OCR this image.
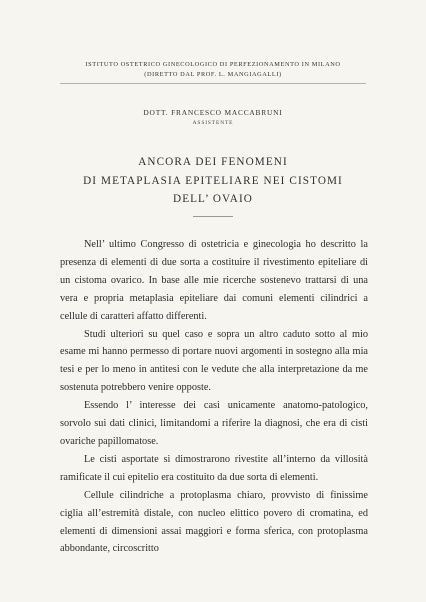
ISTITUTO OSTETRICO GINECOLOGICO DI PERFEZIONAMENTO IN MILANO
(DIRETTO DAL PROF. L. MANGIAGALLI)
DOTT. FRANCESCO MACCABRUNI
ASSISTENTE
ANCORA DEI FENOMENI
DI METAPLASIA EPITELIARE NEI CISTOMI
DELL’ OVAIO

Nell’ ultimo Congresso di ostetricia e ginecologia ho descritto la presenza di elementi di due sorta a costituire il rivestimento epiteliare di un cistoma ovarico. In base alle mie ricerche sostenevo trattarsi di una vera e propria metaplasia epiteliare dai comuni elementi cilindrici a cellule di caratteri affatto differenti.

Studi ulteriori su quel caso e sopra un altro caduto sotto al mio esame mi hanno permesso di portare nuovi argomenti in sostegno alla mia tesi e per lo meno in antitesi con le vedute che alla interpretazione da me sostenuta potrebbero venire opposte.

Essendo l’ interesse dei casi unicamente anatomo-patologico, sorvolo sui dati clinici, limitandomi a riferire la diagnosi, che era di cisti ovariche papillomatose.

Le cisti asportate si dimostrarono rivestite all’interno da villosità ramificate il cui epitelio era costituito da due sorta di elementi.

Cellule cilindriche a protoplasma chiaro, provvisto di finissime ciglia all’estremità distale, con nucleo elittico povero di cromatina, ed elementi di dimensioni assai maggiori e forma sferica, con protoplasma abbondante, circoscritto
